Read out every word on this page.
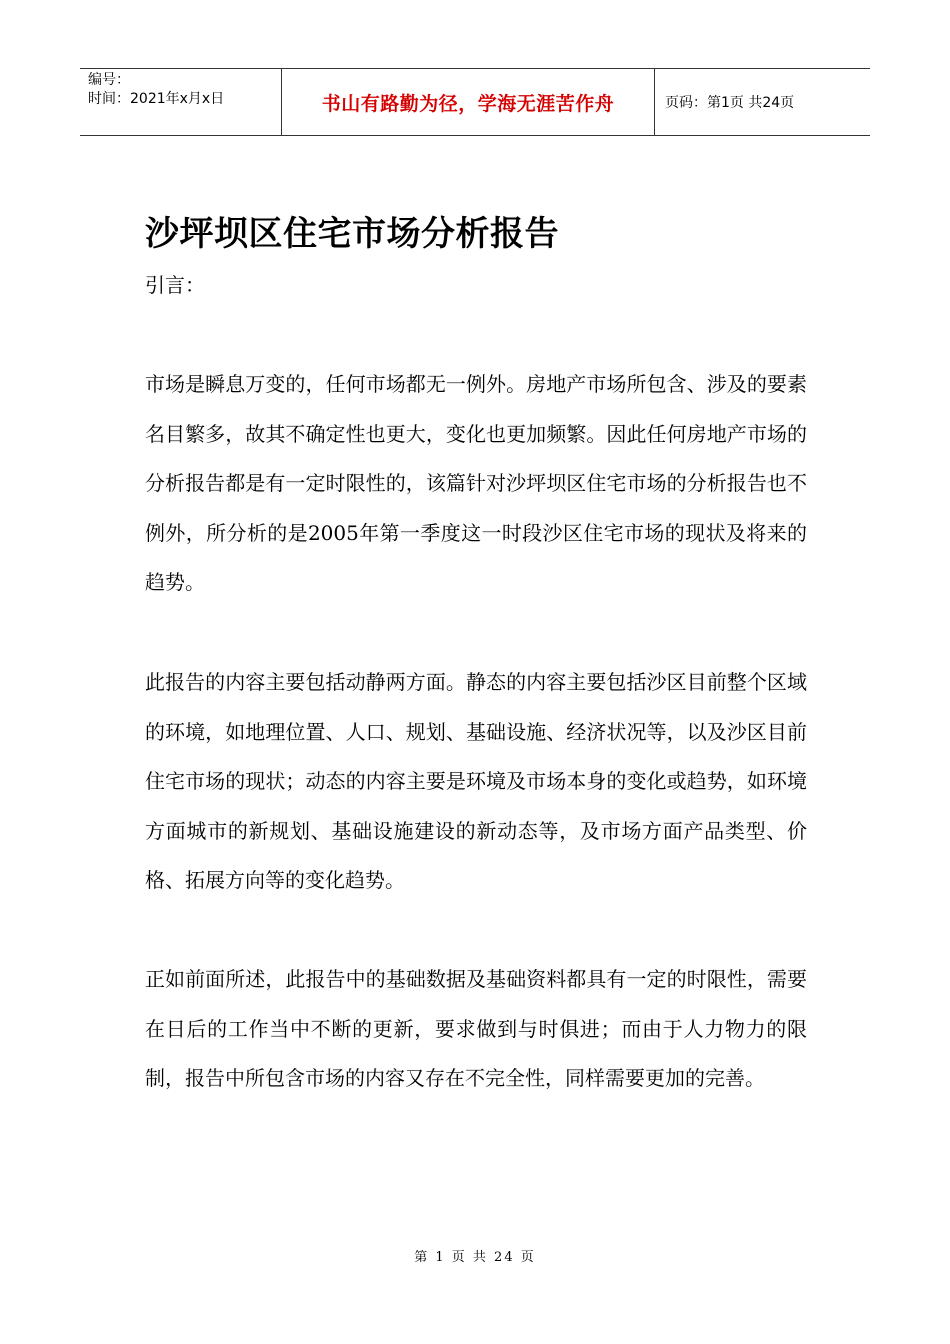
编号：
时间：2021年x月x日	书山有路勤为径，学海无涯苦作舟	页码：第1页 共24页
沙坪坝区住宅市场分析报告

引言：

市场是瞬息万变的，任何市场都无一例外。房地产市场所包含、涉及的要素名目繁多，故其不确定性也更大，变化也更加频繁。因此任何房地产市场的分析报告都是有一定时限性的，该篇针对沙坪坝区住宅市场的分析报告也不例外，所分析的是2005年第一季度这一时段沙区住宅市场的现状及将来的趋势。

此报告的内容主要包括动静两方面。静态的内容主要包括沙区目前整个区域的环境，如地理位置、人口、规划、基础设施、经济状况等，以及沙区目前住宅市场的现状；动态的内容主要是环境及市场本身的变化或趋势，如环境方面城市的新规划、基础设施建设的新动态等，及市场方面产品类型、价格、拓展方向等的变化趋势。

正如前面所述，此报告中的基础数据及基础资料都具有一定的时限性，需要在日后的工作当中不断的更新，要求做到与时俱进；而由于人力物力的限制，报告中所包含市场的内容又存在不完全性，同样需要更加的完善。

第 1 页 共 24 页
